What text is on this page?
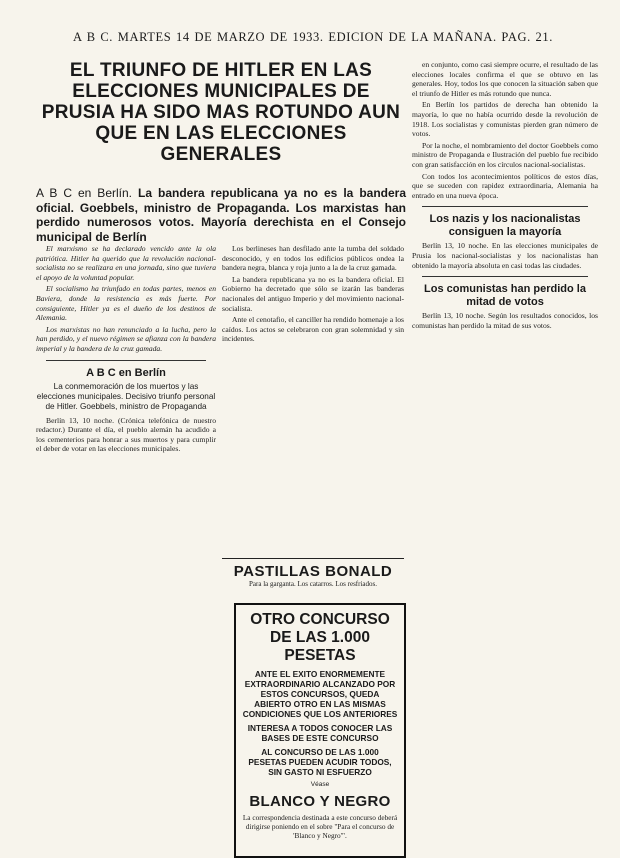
A B C. MARTES 14 DE MARZO DE 1933. EDICION DE LA MAÑANA. PAG. 21.
EL TRIUNFO DE HITLER EN LAS ELECCIONES MUNICIPALES DE PRUSIA HA SIDO MAS ROTUNDO AUN QUE EN LAS ELECCIONES GENERALES
A B C en Berlín. La bandera republicana ya no es la bandera oficial. Goebbels, ministro de Propaganda. Los marxistas han perdido numerosos votos. Mayoría derechista en el Consejo municipal de Berlín

El marxismo se ha declarado vencido ante la ola patriótica. Hitler ha querido que la revolución nacional-socialista no se realizara en una jornada, sino que tuviera el apoyo de la voluntad popular.

El socialismo ha triunfado en todas partes, menos en Baviera, donde la resistencia es más fuerte. Por consiguiente, Hitler ya es el dueño de los destinos de Alemania.

Los marxistas no han renunciado a la lucha, pero la han perdido, y el nuevo régimen se afianza con la bandera imperial y la bandera de la cruz gamada.

A B C en Berlín
La conmemoración de los muertos y las elecciones municipales. Decisivo triunfo personal de Hitler. Goebbels, ministro de Propaganda

Berlín 13, 10 noche. (Crónica telefónica de nuestro redactor.) Durante el día, el pueblo alemán ha acudido a los cementerios para honrar a sus muertos y para cumplir el deber de votar en las elecciones municipales.

Los berlineses han desfilado ante la tumba del soldado desconocido, y en todos los edificios públicos ondea la bandera negra, blanca y roja junto a la de la cruz gamada.

La bandera republicana ya no es la bandera oficial. El Gobierno ha decretado que sólo se izarán las banderas nacionales del antiguo Imperio y del movimiento nacional-socialista.

Ante el cenotafio, el canciller ha rendido homenaje a los caídos. Los actos se celebraron con gran solemnidad y sin incidentes.

PASTILLAS BONALD
Para la garganta. Los catarros. Los resfriados.
OTRO CONCURSO DE LAS 1.000 PESETAS
ANTE EL EXITO ENORMEMENTE EXTRAORDINARIO ALCANZADO POR ESTOS CONCURSOS, QUEDA ABIERTO OTRO EN LAS MISMAS CONDICIONES QUE LOS ANTERIORES
INTERESA A TODOS CONOCER LAS BASES DE ESTE CONCURSO
AL CONCURSO DE LAS 1.000 PESETAS PUEDEN ACUDIR TODOS, SIN GASTO NI ESFUERZO
Véase
BLANCO Y NEGRO
La correspondencia destinada a este concurso deberá dirigirse poniendo en el sobre "Para el concurso de 'Blanco y Negro'".

en conjunto, como casi siempre ocurre, el resultado de las elecciones locales confirma el que se obtuvo en las generales. Hoy, todos los que conocen la situación saben que el triunfo de Hitler es más rotundo que nunca.

En Berlín los partidos de derecha han obtenido la mayoría, lo que no había ocurrido desde la revolución de 1918. Los socialistas y comunistas pierden gran número de votos.

Por la noche, el nombramiento del doctor Goebbels como ministro de Propaganda e Ilustración del pueblo fue recibido con gran satisfacción en los círculos nacional-socialistas.

Con todos los acontecimientos políticos de estos días, que se suceden con rapidez extraordinaria, Alemania ha entrado en una nueva época.

Los nazis y los nacionalistas consiguen la mayoría

Berlín 13, 10 noche. En las elecciones municipales de Prusia los nacional-socialistas y los nacionalistas han obtenido la mayoría absoluta en casi todas las ciudades.

Los comunistas han perdido la mitad de votos

Berlín 13, 10 noche. Según los resultados conocidos, los comunistas han perdido la mitad de sus votos.
